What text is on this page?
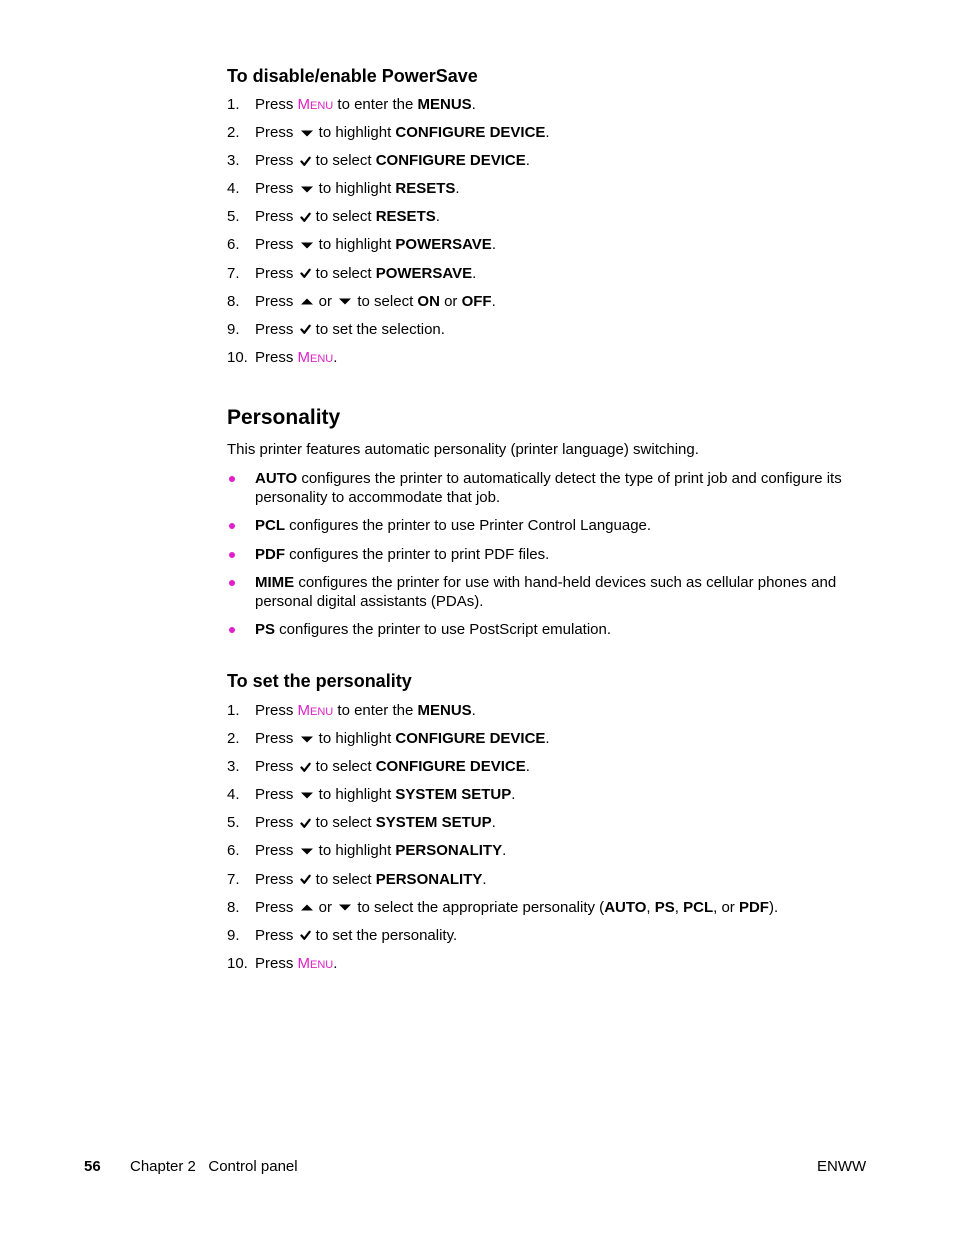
To disable/enable PowerSave
1.	Press Menu to enter the MENUS.
2.	Press  to highlight CONFIGURE DEVICE.
3.	Press  to select CONFIGURE DEVICE.
4.	Press  to highlight RESETS.
5.	Press  to select RESETS.
6.	Press  to highlight POWERSAVE.
7.	Press  to select POWERSAVE.
8.	Press  or  to select ON or OFF.
9.	Press  to set the selection.
10. Press Menu.
Personality

This printer features automatic personality (printer language) switching.

AUTO configures the printer to automatically detect the type of print job and configure its personality to accommodate that job.
PCL configures the printer to use Printer Control Language.
PDF configures the printer to print PDF files.
MIME configures the printer for use with hand-held devices such as cellular phones and personal digital assistants (PDAs).
PS configures the printer to use PostScript emulation.
To set the personality
1.	Press Menu to enter the MENUS.
2.	Press  to highlight CONFIGURE DEVICE.
3.	Press  to select CONFIGURE DEVICE.
4.	Press  to highlight SYSTEM SETUP.
5.	Press  to select SYSTEM SETUP.
6.	Press  to highlight PERSONALITY.
7.	Press  to select PERSONALITY.
8.	Press  or  to select the appropriate personality (AUTO, PS, PCL, or PDF).
9.	Press  to set the personality.
10. Press Menu.
56 Chapter 2   Control panel	ENWW
